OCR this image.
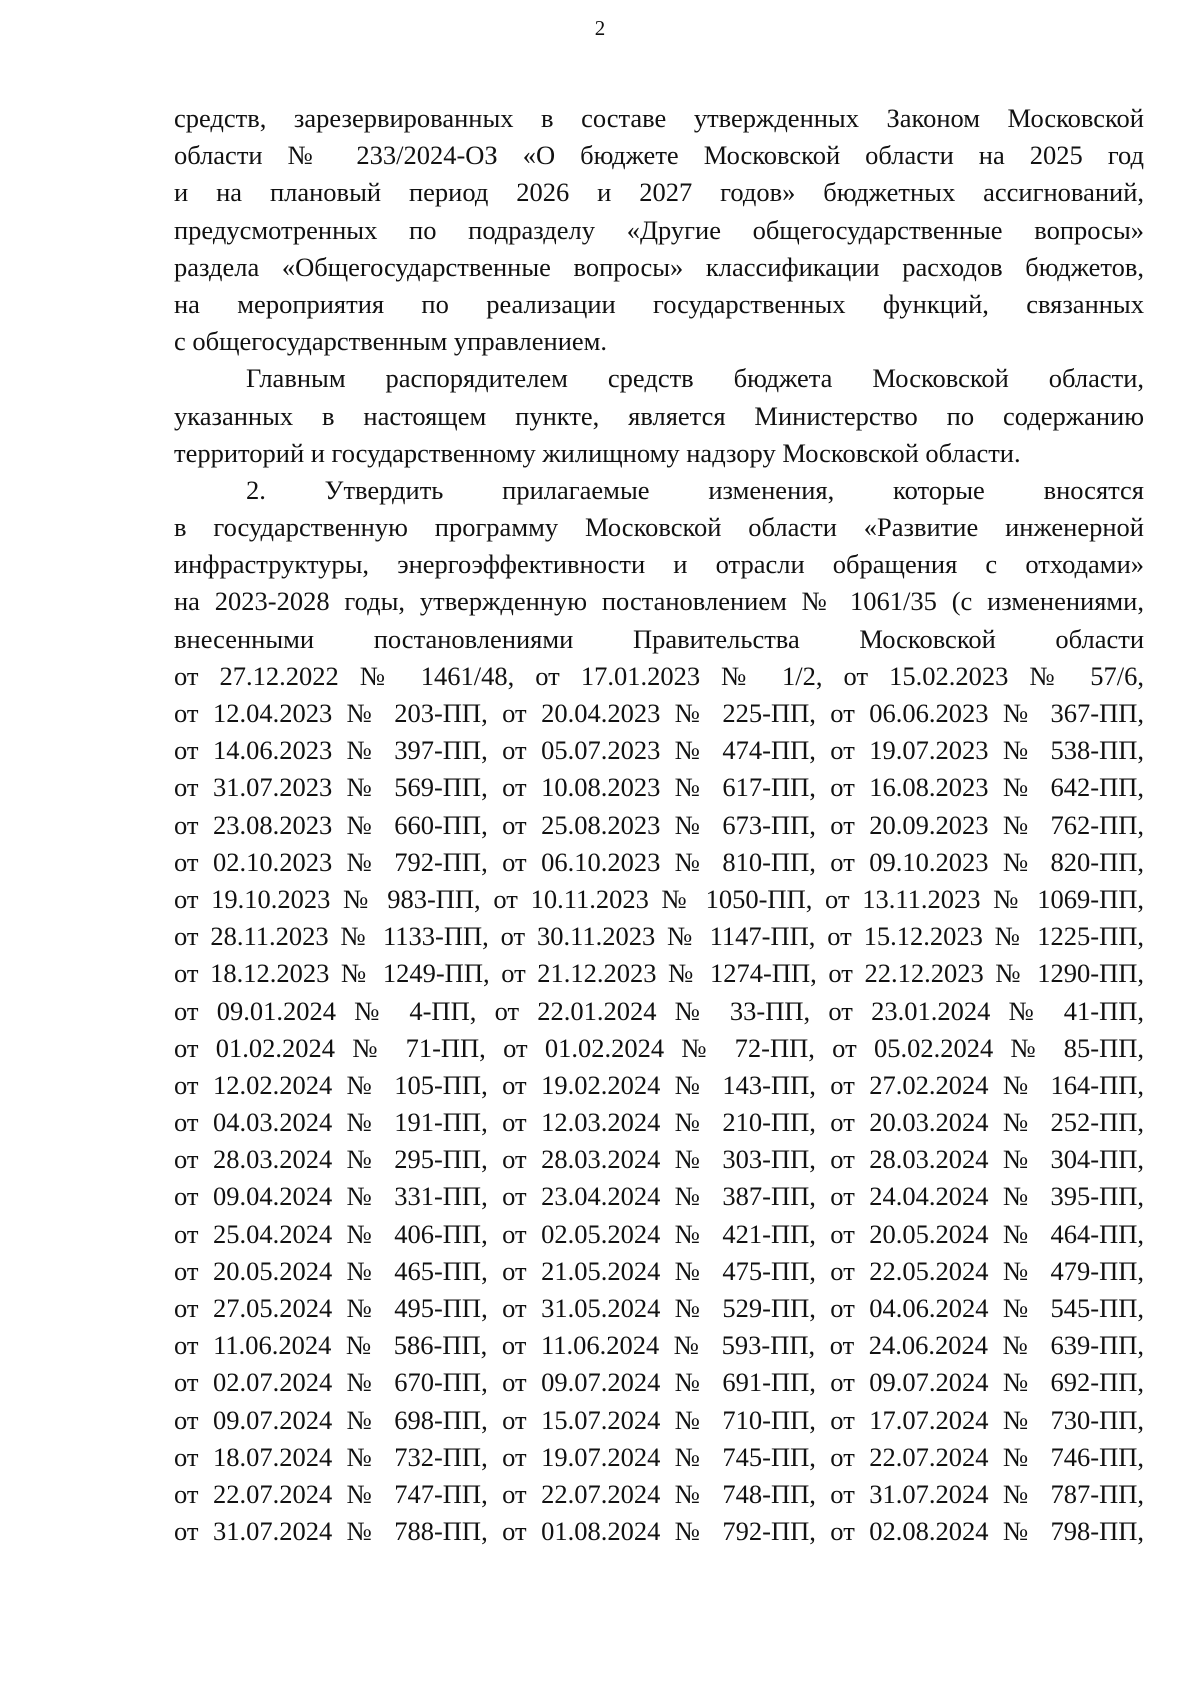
2
средств, зарезервированных в составе утвержденных Законом Московской
области № 233/2024-ОЗ «О бюджете Московской области на 2025 год
и на плановый период 2026 и 2027 годов» бюджетных ассигнований,
предусмотренных по подразделу «Другие общегосударственные вопросы»
раздела «Общегосударственные вопросы» классификации расходов бюджетов,
на мероприятия по реализации государственных функций, связанных
с общегосударственным управлением.
Главным распорядителем средств бюджета Московской области,
указанных в настоящем пункте, является Министерство по содержанию
территорий и государственному жилищному надзору Московской области.
2. Утвердить прилагаемые изменения, которые вносятся
в государственную программу Московской области «Развитие инженерной
инфраструктуры, энергоэффективности и отрасли обращения с отходами»
на 2023-2028 годы, утвержденную постановлением № 1061/35 (с изменениями,
внесенными постановлениями Правительства Московской области
от 27.12.2022 № 1461/48, от 17.01.2023 № 1/2, от 15.02.2023 № 57/6,
от 12.04.2023 № 203-ПП, от 20.04.2023 № 225-ПП, от 06.06.2023 № 367-ПП,
от 14.06.2023 № 397-ПП, от 05.07.2023 № 474-ПП, от 19.07.2023 № 538-ПП,
от 31.07.2023 № 569-ПП, от 10.08.2023 № 617-ПП, от 16.08.2023 № 642-ПП,
от 23.08.2023 № 660-ПП, от 25.08.2023 № 673-ПП, от 20.09.2023 № 762-ПП,
от 02.10.2023 № 792-ПП, от 06.10.2023 № 810-ПП, от 09.10.2023 № 820-ПП,
от 19.10.2023 № 983-ПП, от 10.11.2023 № 1050-ПП, от 13.11.2023 № 1069-ПП,
от 28.11.2023 № 1133-ПП, от 30.11.2023 № 1147-ПП, от 15.12.2023 № 1225-ПП,
от 18.12.2023 № 1249-ПП, от 21.12.2023 № 1274-ПП, от 22.12.2023 № 1290-ПП,
от 09.01.2024 № 4-ПП, от 22.01.2024 № 33-ПП, от 23.01.2024 № 41-ПП,
от 01.02.2024 № 71-ПП, от 01.02.2024 № 72-ПП, от 05.02.2024 № 85-ПП,
от 12.02.2024 № 105-ПП, от 19.02.2024 № 143-ПП, от 27.02.2024 № 164-ПП,
от 04.03.2024 № 191-ПП, от 12.03.2024 № 210-ПП, от 20.03.2024 № 252-ПП,
от 28.03.2024 № 295-ПП, от 28.03.2024 № 303-ПП, от 28.03.2024 № 304-ПП,
от 09.04.2024 № 331-ПП, от 23.04.2024 № 387-ПП, от 24.04.2024 № 395-ПП,
от 25.04.2024 № 406-ПП, от 02.05.2024 № 421-ПП, от 20.05.2024 № 464-ПП,
от 20.05.2024 № 465-ПП, от 21.05.2024 № 475-ПП, от 22.05.2024 № 479-ПП,
от 27.05.2024 № 495-ПП, от 31.05.2024 № 529-ПП, от 04.06.2024 № 545-ПП,
от 11.06.2024 № 586-ПП, от 11.06.2024 № 593-ПП, от 24.06.2024 № 639-ПП,
от 02.07.2024 № 670-ПП, от 09.07.2024 № 691-ПП, от 09.07.2024 № 692-ПП,
от 09.07.2024 № 698-ПП, от 15.07.2024 № 710-ПП, от 17.07.2024 № 730-ПП,
от 18.07.2024 № 732-ПП, от 19.07.2024 № 745-ПП, от 22.07.2024 № 746-ПП,
от 22.07.2024 № 747-ПП, от 22.07.2024 № 748-ПП, от 31.07.2024 № 787-ПП,
от 31.07.2024 № 788-ПП, от 01.08.2024 № 792-ПП, от 02.08.2024 № 798-ПП,
